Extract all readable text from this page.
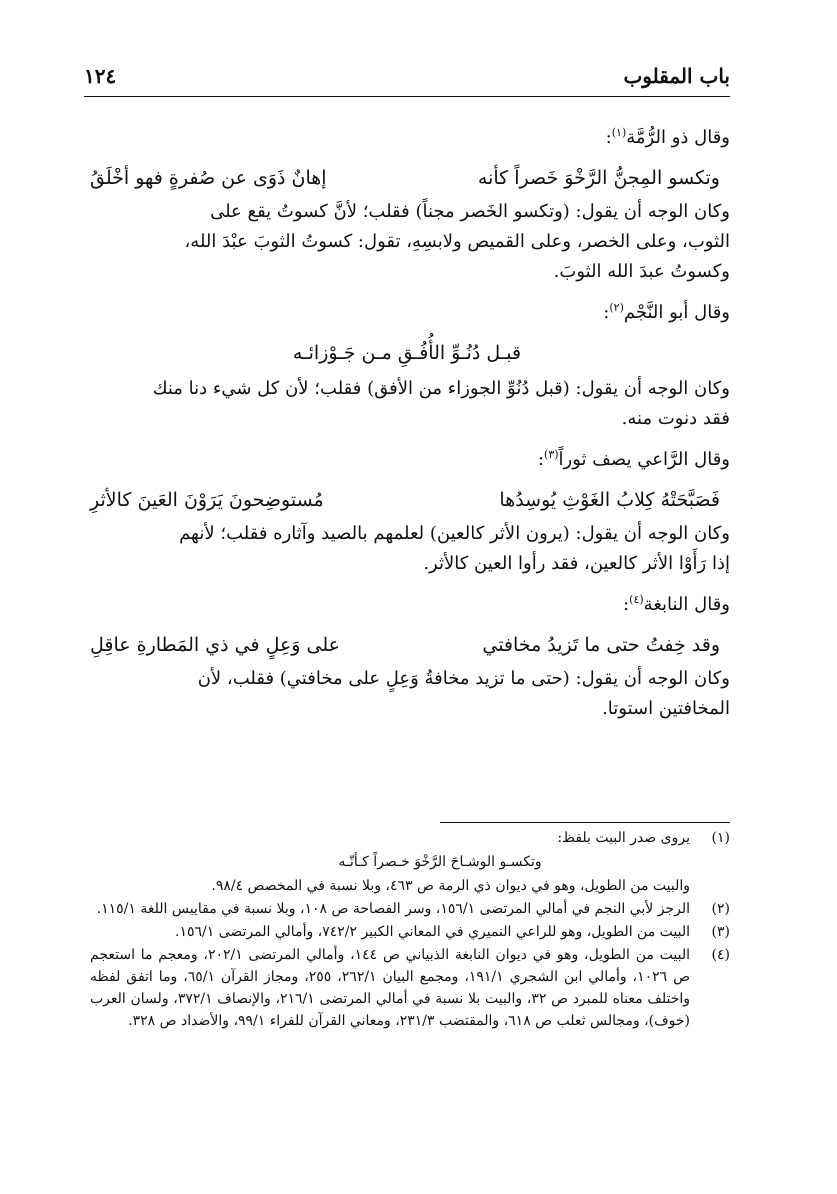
باب المقلوب
١٢٤

وقال ذو الرُّمَّة$^{(١)}$:

وتكسو المِجنُّ الرَّخْوَ خَصراً كأنه
إهانٌ ذَوَى عن صُفرةٍ فهو أخْلَقُ

وكان الوجه أن يقول: (وتكسو الخَصر مجناً) فقلب؛ لأنَّ كسوتُ يقع على

الثوب، وعلى الخصر، وعلى القميص ولابسِهِ، تقول: كسوتُ الثوبَ عبْدَ الله،

وكسوتُ عبدَ الله الثوبَ.

وقال أبو النَّجْم$^{(٢)}$:

قبـل دُنُـوِّ الأُفُـقِ مـن جَـوْزائـه

وكان الوجه أن يقول: (قبل دُنُوِّ الجوزاء من الأفق) فقلب؛ لأن كل شيء دنا منك

فقد دنوت منه.

وقال الرَّاعي يصف ثوراً$^{(٣)}$:

فَصَبَّحَتْهُ كِلابُ الغَوْثِ يُوسِدُها
مُستوضِحونَ يَرَوْنَ العَينَ كالأثرِ

وكان الوجه أن يقول: (يرون الأثر كالعين) لعلمهم بالصيد وآثاره فقلب؛ لأنهم

إذا رَأَوْا الأثر كالعين، فقد رأوا العين كالأثر.

وقال النابغة$^{(٤)}$:

وقد خِفتُ حتى ما تَزيدُ مخافتي
على وَعِلٍ في ذي المَطارةِ عاقِلِ

وكان الوجه أن يقول: (حتى ما تزيد مخافةُ وَعِلٍ على مخافتي) فقلب، لأن

المخافتين استوتا.

(١)
يروى صدر البيت بلفظ:
وتكسـو الوشـاحَ الرَّخْوَ خـصراً كـأنّـه
والبيت من الطويل، وهو في ديوان ذي الرمة ص ٤٦٣، وبلا نسبة في المخصص ٩٨/٤.
(٢)
الرجز لأبي النجم في أمالي المرتضى ١٥٦/١، وسر الفصاحة ص ١٠٨، وبلا نسبة في مقاييس اللغة ١١٥/١.
(٣)
البيت من الطويل، وهو للراعي النميري في المعاني الكبير ٧٤٢/٢، وأمالي المرتضى ١٥٦/١.
(٤)
البيت من الطويل، وهو في ديوان النابغة الذبياني ص ١٤٤، وأمالي المرتضى ٢٠٢/١، ومعجم ما استعجم ص ١٠٢٦، وأمالي ابن الشجري ١٩١/١، ومجمع البيان ٢٦٢/١، ٢٥٥، ومجاز القرآن ٦٥/١، وما اتفق لفظه واختلف معناه للمبرد ص ٣٢، والبيت بلا نسبة في أمالي المرتضى ٢١٦/١، والإنصاف ٣٧٢/١، ولسان العرب (خوف)، ومجالس ثعلب ص ٦١٨، والمقتضب ٢٣١/٣، ومعاني القرآن للفراء ٩٩/١، والأضداد ص ٣٢٨.
